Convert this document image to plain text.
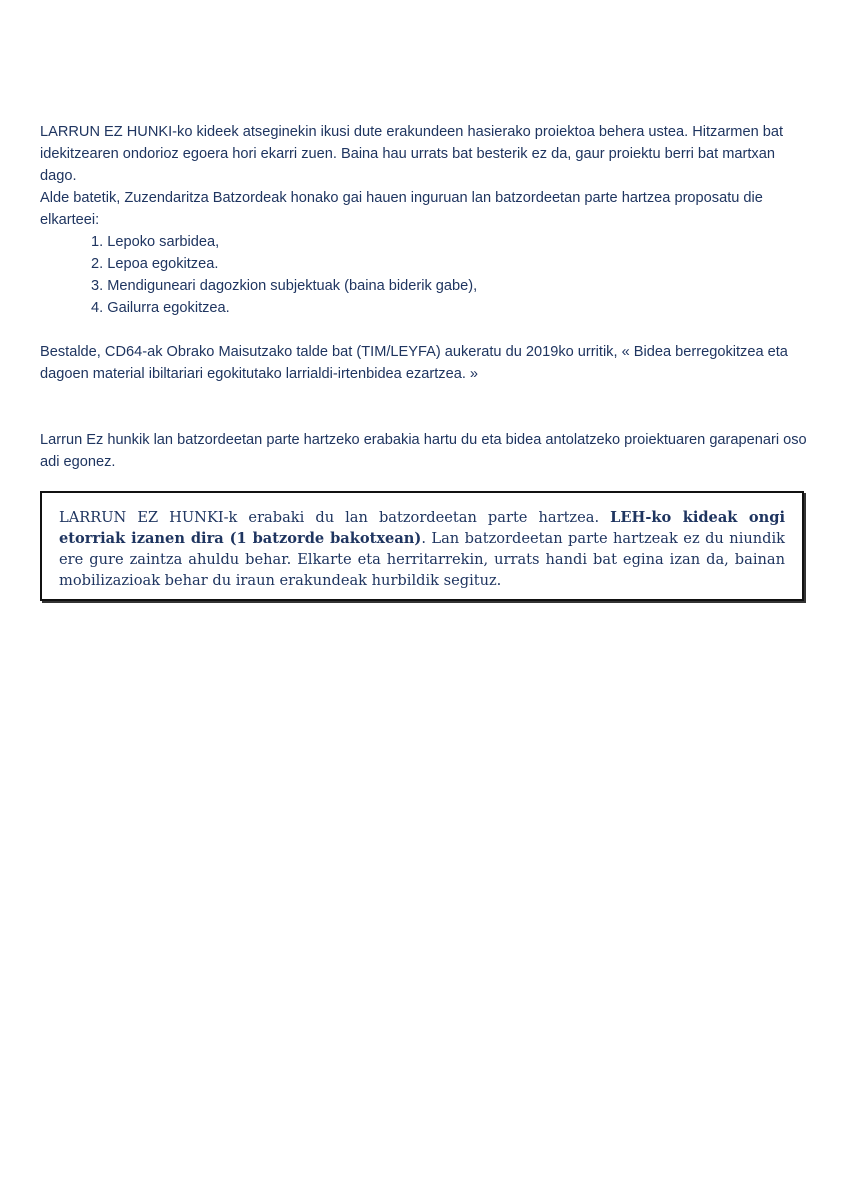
LARRUN EZ HUNKI-ko kideek atseginekin ikusi dute erakundeen hasierako proiektoa behera ustea. Hitzarmen bat idekitzearen ondorioz egoera hori ekarri zuen. Baina hau urrats bat besterik ez da, gaur proiektu berri bat martxan dago.

Alde batetik, Zuzendaritza Batzordeak honako gai hauen inguruan lan batzordeetan parte hartzea proposatu die elkarteei:

1. Lepoko sarbidea,
2. Lepoa egokitzea.
3. Mendiguneari dagozkion subjektuak (baina biderik gabe),
4. Gailurra egokitzea.

Bestalde, CD64-ak Obrako Maisutzako talde bat (TIM/LEYFA) aukeratu du 2019ko urritik, « Bidea berregokitzea eta dagoen material ibiltariari egokitutako larrialdi-irtenbidea ezartzea. »

Larrun Ez hunkik lan batzordeetan parte hartzeko erabakia hartu du eta bidea antolatzeko proiektuaren garapenari oso adi egonez.

LARRUN EZ HUNKI-k erabaki du lan batzordeetan parte hartzea. LEH-ko kideak ongi etorriak izanen dira (1 batzorde bakotxean). Lan batzordeetan parte hartzeak ez du niundik ere gure zaintza ahuldu behar. Elkarte eta herritarrekin, urrats handi bat egina izan da, bainan mobilizazioak behar du iraun erakundeak hurbildik segituz.
